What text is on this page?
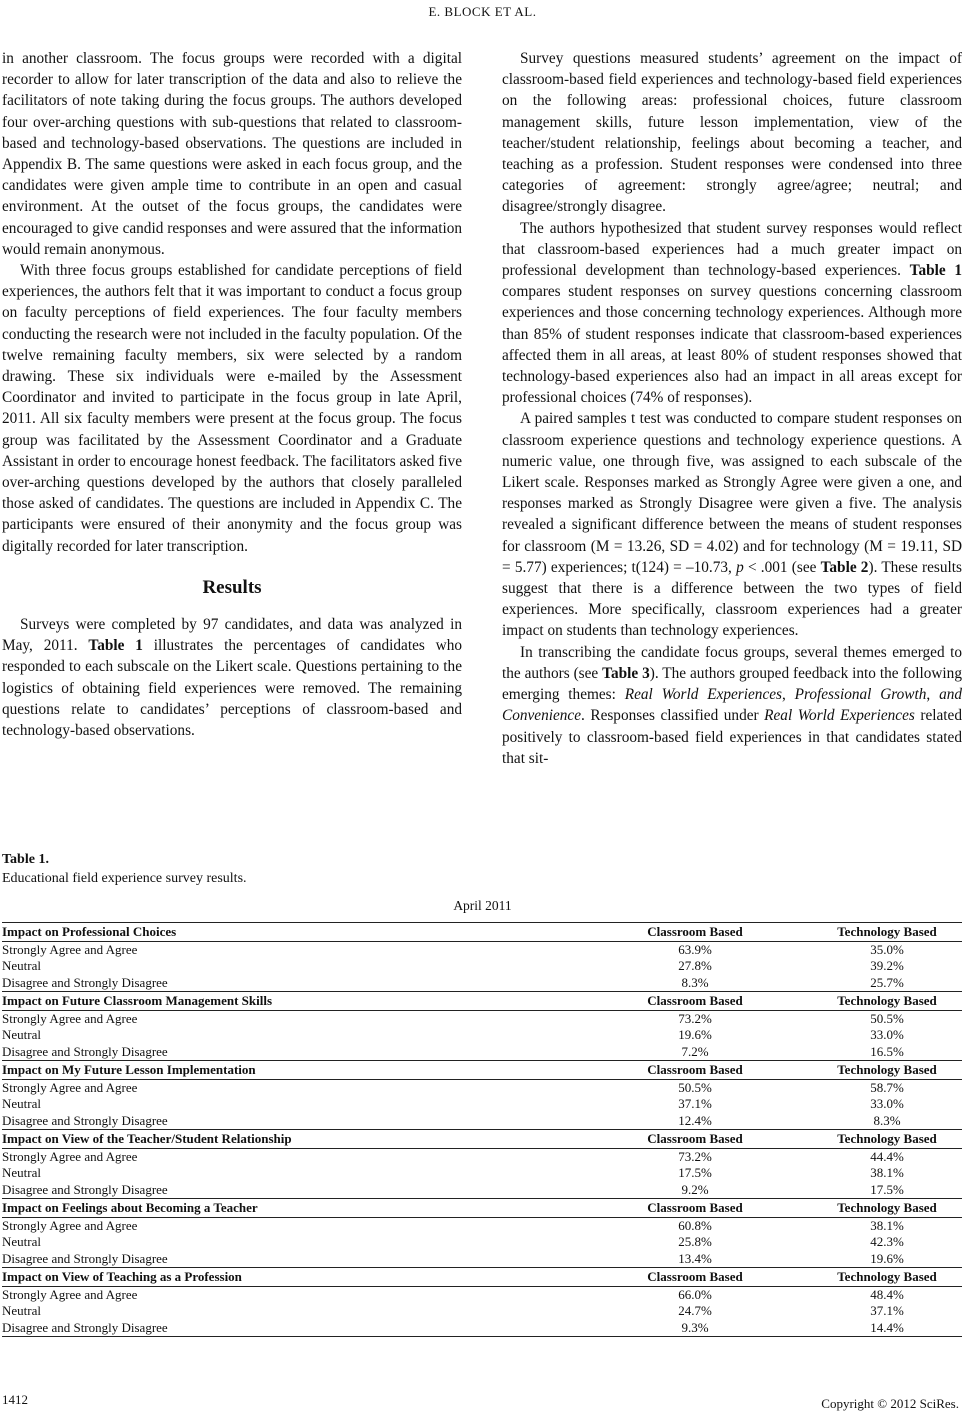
E. BLOCK ET AL.

in another classroom. The focus groups were recorded with a digital recorder to allow for later transcription of the data and also to relieve the facilitators of note taking during the focus groups. The authors developed four over-arching questions with sub-questions that related to classroom-based and technology-based observations. The questions are included in Appendix B. The same questions were asked in each focus group, and the candidates were given ample time to contribute in an open and casual environment. At the outset of the focus groups, the candidates were encouraged to give candid responses and were assured that the information would remain anonymous.

With three focus groups established for candidate perceptions of field experiences, the authors felt that it was important to conduct a focus group on faculty perceptions of field experiences. The four faculty members conducting the research were not included in the faculty population. Of the twelve remaining faculty members, six were selected by a random drawing. These six individuals were e-mailed by the Assessment Coordinator and invited to participate in the focus group in late April, 2011. All six faculty members were present at the focus group. The focus group was facilitated by the Assessment Coordinator and a Graduate Assistant in order to encourage honest feedback. The facilitators asked five over-arching questions developed by the authors that closely paralleled those asked of candidates. The questions are included in Appendix C. The participants were ensured of their anonymity and the focus group was digitally recorded for later transcription.

Results

Surveys were completed by 97 candidates, and data was analyzed in May, 2011. Table 1 illustrates the percentages of candidates who responded to each subscale on the Likert scale. Questions pertaining to the logistics of obtaining field experiences were removed. The remaining questions relate to candidates’ perceptions of classroom-based and technology-based observations.

Survey questions measured students’ agreement on the impact of classroom-based field experiences and technology-based field experiences on the following areas: professional choices, future classroom management skills, future lesson implementation, view of the teacher/student relationship, feelings about becoming a teacher, and teaching as a profession. Student responses were condensed into three categories of agreement: strongly agree/agree; neutral; and disagree/strongly disagree.

The authors hypothesized that student survey responses would reflect that classroom-based experiences had a much greater impact on professional development than technology-based experiences. Table 1 compares student responses on survey questions concerning classroom experiences and those concerning technology experiences. Although more than 85% of student responses indicate that classroom-based experiences affected them in all areas, at least 80% of student responses showed that technology-based experiences also had an impact in all areas except for professional choices (74% of responses).

A paired samples t test was conducted to compare student responses on classroom experience questions and technology experience questions. A numeric value, one through five, was assigned to each subscale of the Likert scale. Responses marked as Strongly Agree were given a one, and responses marked as Strongly Disagree were given a five. The analysis revealed a significant difference between the means of student responses for classroom (M = 13.26, SD = 4.02) and for technology (M = 19.11, SD = 5.77) experiences; t(124) = –10.73, p < .001 (see Table 2). These results suggest that there is a difference between the two types of field experiences. More specifically, classroom experiences had a greater impact on students than technology experiences.

In transcribing the candidate focus groups, several themes emerged to the authors (see Table 3). The authors grouped feedback into the following emerging themes: Real World Experiences, Professional Growth, and Convenience. Responses classified under Real World Experiences related positively to classroom-based field experiences in that candidates stated that sit-

Table 1.
Educational field experience survey results.
April 2011
Impact on Professional Choices	Classroom Based		Technology Based
Strongly Agree and Agree	63.9%		35.0%
Neutral	27.8%		39.2%
Disagree and Strongly Disagree	8.3%		25.7%
Impact on Future Classroom Management Skills	Classroom Based		Technology Based
Strongly Agree and Agree	73.2%		50.5%
Neutral	19.6%		33.0%
Disagree and Strongly Disagree	7.2%		16.5%
Impact on My Future Lesson Implementation	Classroom Based		Technology Based
Strongly Agree and Agree	50.5%		58.7%
Neutral	37.1%		33.0%
Disagree and Strongly Disagree	12.4%		8.3%
Impact on View of the Teacher/Student Relationship	Classroom Based		Technology Based
Strongly Agree and Agree	73.2%		44.4%
Neutral	17.5%		38.1%
Disagree and Strongly Disagree	9.2%		17.5%
Impact on Feelings about Becoming a Teacher	Classroom Based		Technology Based
Strongly Agree and Agree	60.8%		38.1%
Neutral	25.8%		42.3%
Disagree and Strongly Disagree	13.4%		19.6%
Impact on View of Teaching as a Profession	Classroom Based		Technology Based
Strongly Agree and Agree	66.0%		48.4%
Neutral	24.7%		37.1%
Disagree and Strongly Disagree	9.3%		14.4%
1412	Copyright © 2012 SciRes.
